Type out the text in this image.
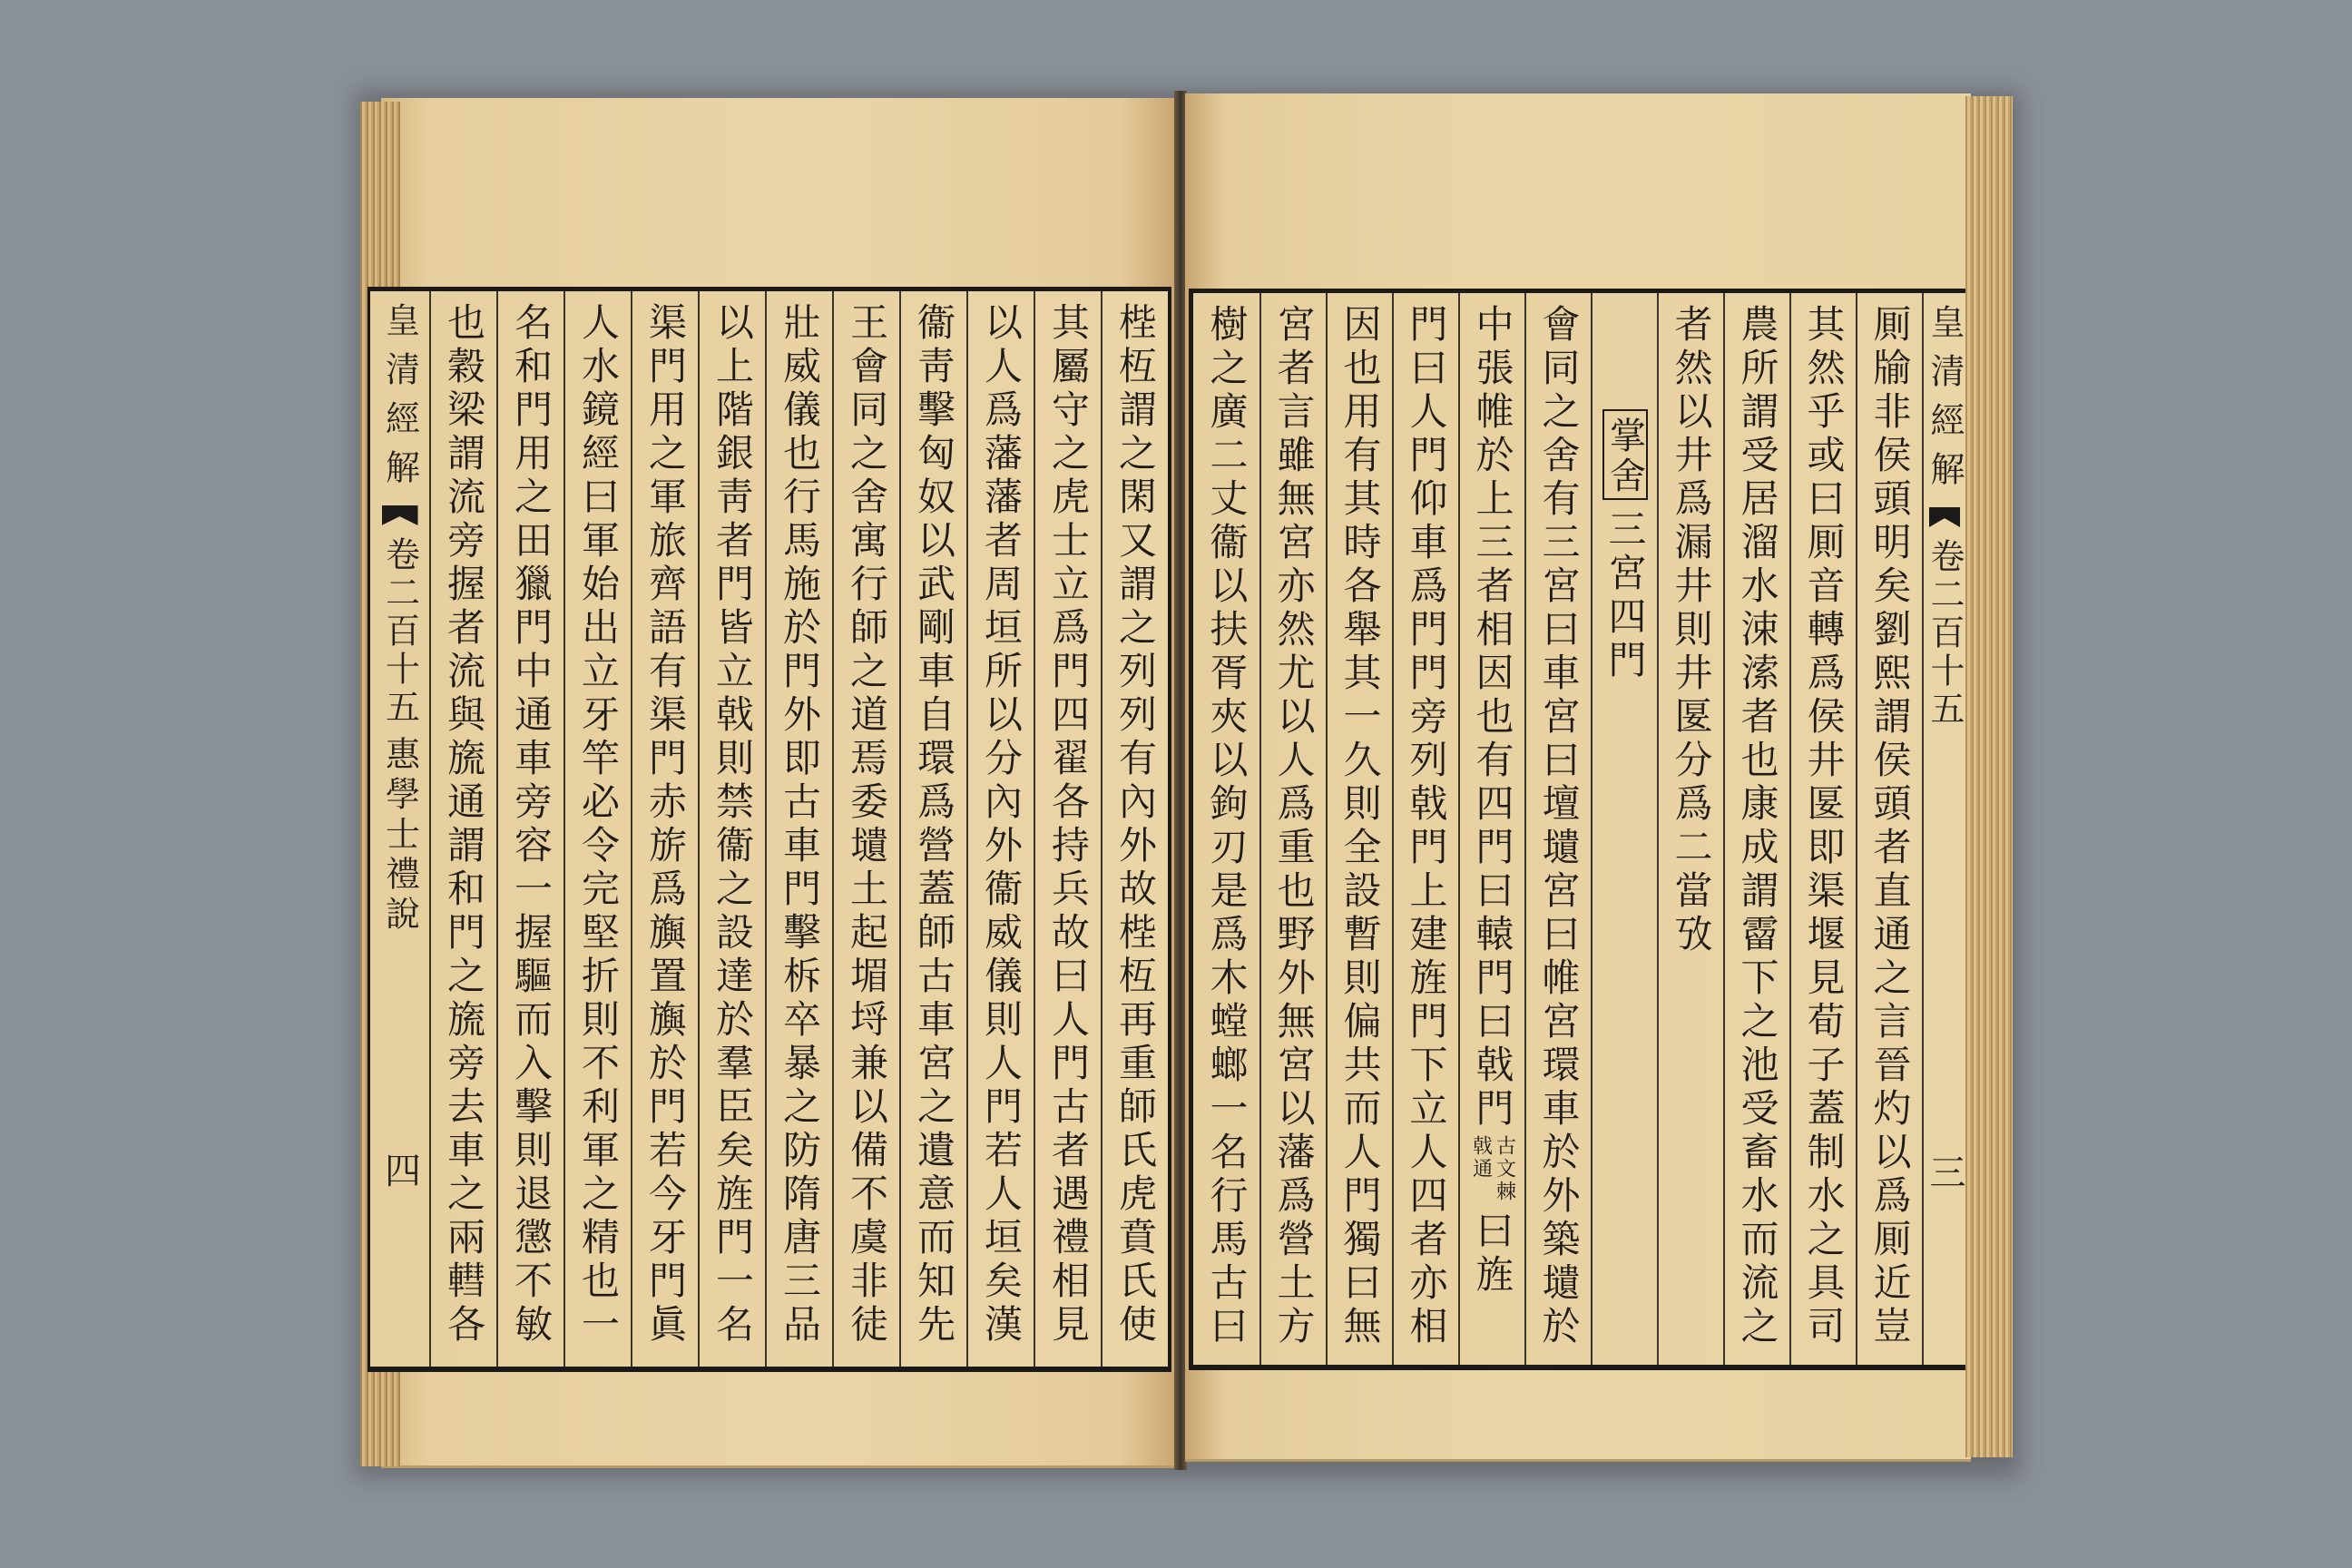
梐枑謂之閑又謂之列列有內外故梐枑再重師氏虎賁氏使
其屬守之虎士立爲門四翟各持兵故曰人門古者遇禮相見
以人爲藩藩者周垣所以分內外衞威儀則人門若人垣矣漢
衞靑擊匈奴以武剛車自環爲營蓋師古車宮之遺意而知先
王會同之舍寓行師之道焉委壝土起堳埒兼以備不虞非徒
壯威儀也行馬施於門外即古車門擊柝卒暴之防隋唐三品
以上階銀靑者門皆立戟則禁衞之設達於羣臣矣旌門一名
渠門用之軍旅齊語有渠門赤旂爲旟置旟於門若今牙門眞
人水鏡經曰軍始出立牙竿必令完堅折則不利軍之精也一
名和門用之田獵門中通車旁容一握驅而入擊則退懲不敏
也穀梁謂流旁握者流與旒通謂和門之旒旁去車之兩轊各
皇清經解
卷二百十五
惠學士禮說
四
皇清經解
卷二百十五
三
厠牏非侯頭明矣劉熙謂侯頭者直通之言晉灼以爲厠近豈
其然乎或曰厠音轉爲侯井匽即渠堰見荀子蓋制水之具司
農所謂受居溜水涑溹者也康成謂霤下之池受畜水而流之
者然以井爲漏井則井匽分爲二當攷
掌舍
三宮四門
會同之舍有三宮曰車宮曰壇壝宮曰帷宮環車於外築壝於
中張帷於上三者相因也有四門曰轅門曰戟門
古文棘
戟通
曰旌
門曰人門仰車爲門門旁列戟門上建旌門下立人四者亦相
因也用有其時各舉其一久則全設暫則偏共而人門獨曰無
宮者言雖無宮亦然尤以人爲重也野外無宮以藩爲營土方
樹之廣二丈衞以扶胥夾以鉤刃是爲木螳螂一名行馬古曰
